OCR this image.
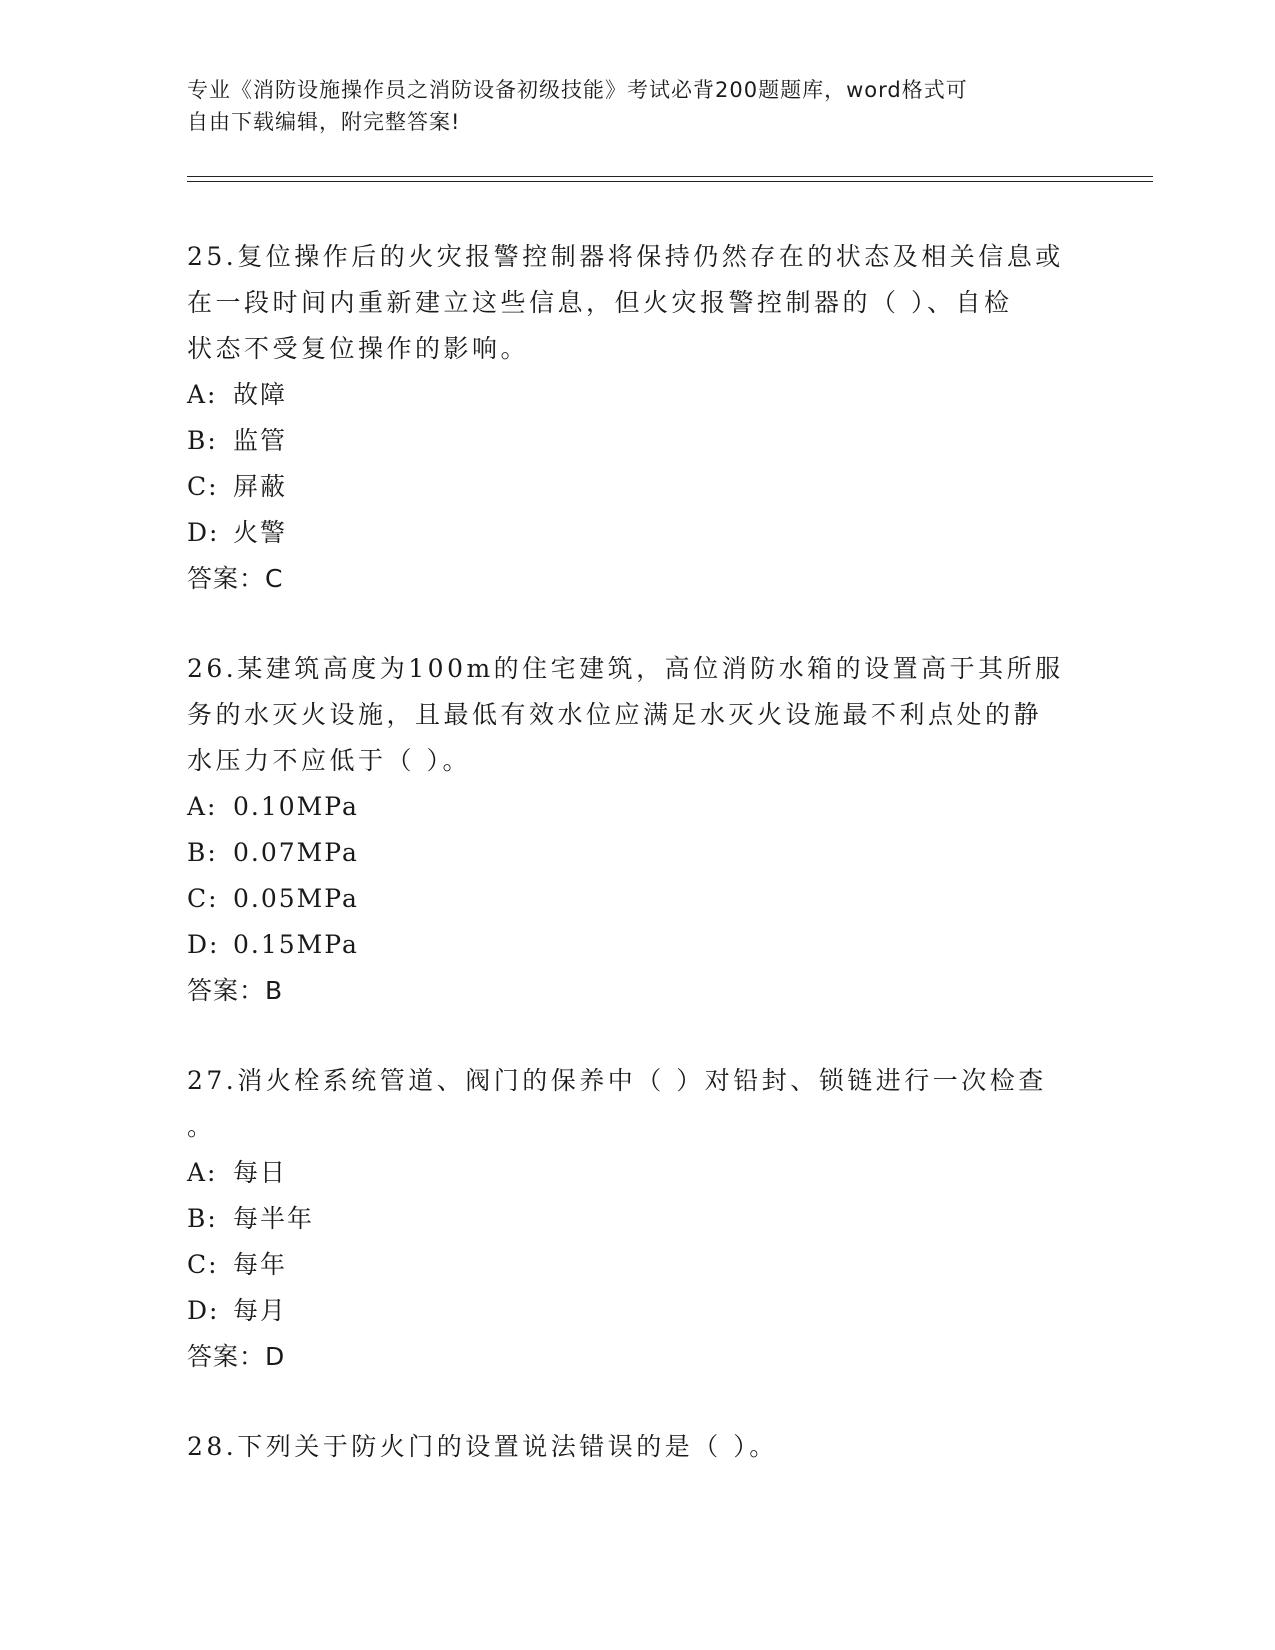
专业《消防设施操作员之消防设备初级技能》考试必背200题题库，word格式可
自由下载编辑，附完整答案!

25.复位操作后的火灾报警控制器将保持仍然存在的状态及相关信息或

在一段时间内重新建立这些信息，但火灾报警控制器的（ ）、自检

状态不受复位操作的影响。

A: 故障

B: 监管

C: 屏蔽

D: 火警

答案：C

26.某建筑高度为100m的住宅建筑，高位消防水箱的设置高于其所服

务的水灭火设施，且最低有效水位应满足水灭火设施最不利点处的静

水压力不应低于（ ）。

A: 0.10MPa

B: 0.07MPa

C: 0.05MPa

D: 0.15MPa

答案：B

27.消火栓系统管道、阀门的保养中（ ）对铅封、锁链进行一次检查

。

A: 每日

B: 每半年

C: 每年

D: 每月

答案：D

28.下列关于防火门的设置说法错误的是（ ）。
